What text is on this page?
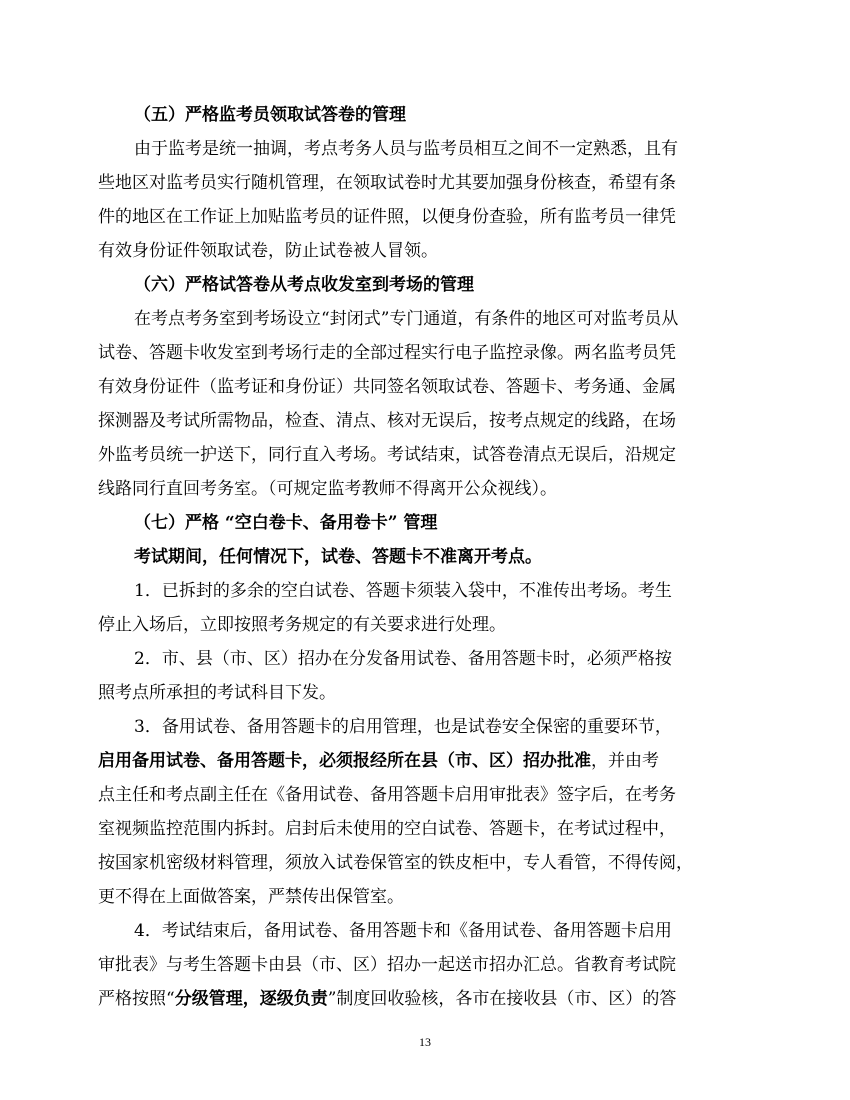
（五）严格监考员领取试答卷的管理
由于监考是统一抽调，考点考务人员与监考员相互之间不一定熟悉，且有
些地区对监考员实行随机管理，在领取试卷时尤其要加强身份核查，希望有条
件的地区在工作证上加贴监考员的证件照，以便身份查验，所有监考员一律凭
有效身份证件领取试卷，防止试卷被人冒领。
（六）严格试答卷从考点收发室到考场的管理
在考点考务室到考场设立“封闭式”专门通道，有条件的地区可对监考员从
试卷、答题卡收发室到考场行走的全部过程实行电子监控录像。两名监考员凭
有效身份证件（监考证和身份证）共同签名领取试卷、答题卡、考务通、金属
探测器及考试所需物品，检查、清点、核对无误后，按考点规定的线路，在场
外监考员统一护送下，同行直入考场。考试结束，试答卷清点无误后，沿规定
线路同行直回考务室。（可规定监考教师不得离开公众视线）。
（七）严格 “空白卷卡、备用卷卡” 管理
考试期间，任何情况下，试卷、答题卡不准离开考点。
1．已拆封的多余的空白试卷、答题卡须装入袋中，不准传出考场。考生
停止入场后，立即按照考务规定的有关要求进行处理。
2．市、县（市、区）招办在分发备用试卷、备用答题卡时，必须严格按
照考点所承担的考试科目下发。
3．备用试卷、备用答题卡的启用管理，也是试卷安全保密的重要环节，
启用备用试卷、备用答题卡，必须报经所在县（市、区）招办批准，并由考
点主任和考点副主任在《备用试卷、备用答题卡启用审批表》签字后，在考务
室视频监控范围内拆封。启封后未使用的空白试卷、答题卡，在考试过程中，
按国家机密级材料管理，须放入试卷保管室的铁皮柜中，专人看管，不得传阅，
更不得在上面做答案，严禁传出保管室。
4．考试结束后，备用试卷、备用答题卡和《备用试卷、备用答题卡启用
审批表》与考生答题卡由县（市、区）招办一起送市招办汇总。省教育考试院
严格按照“分级管理，逐级负责”制度回收验核，各市在接收县（市、区）的答
13
